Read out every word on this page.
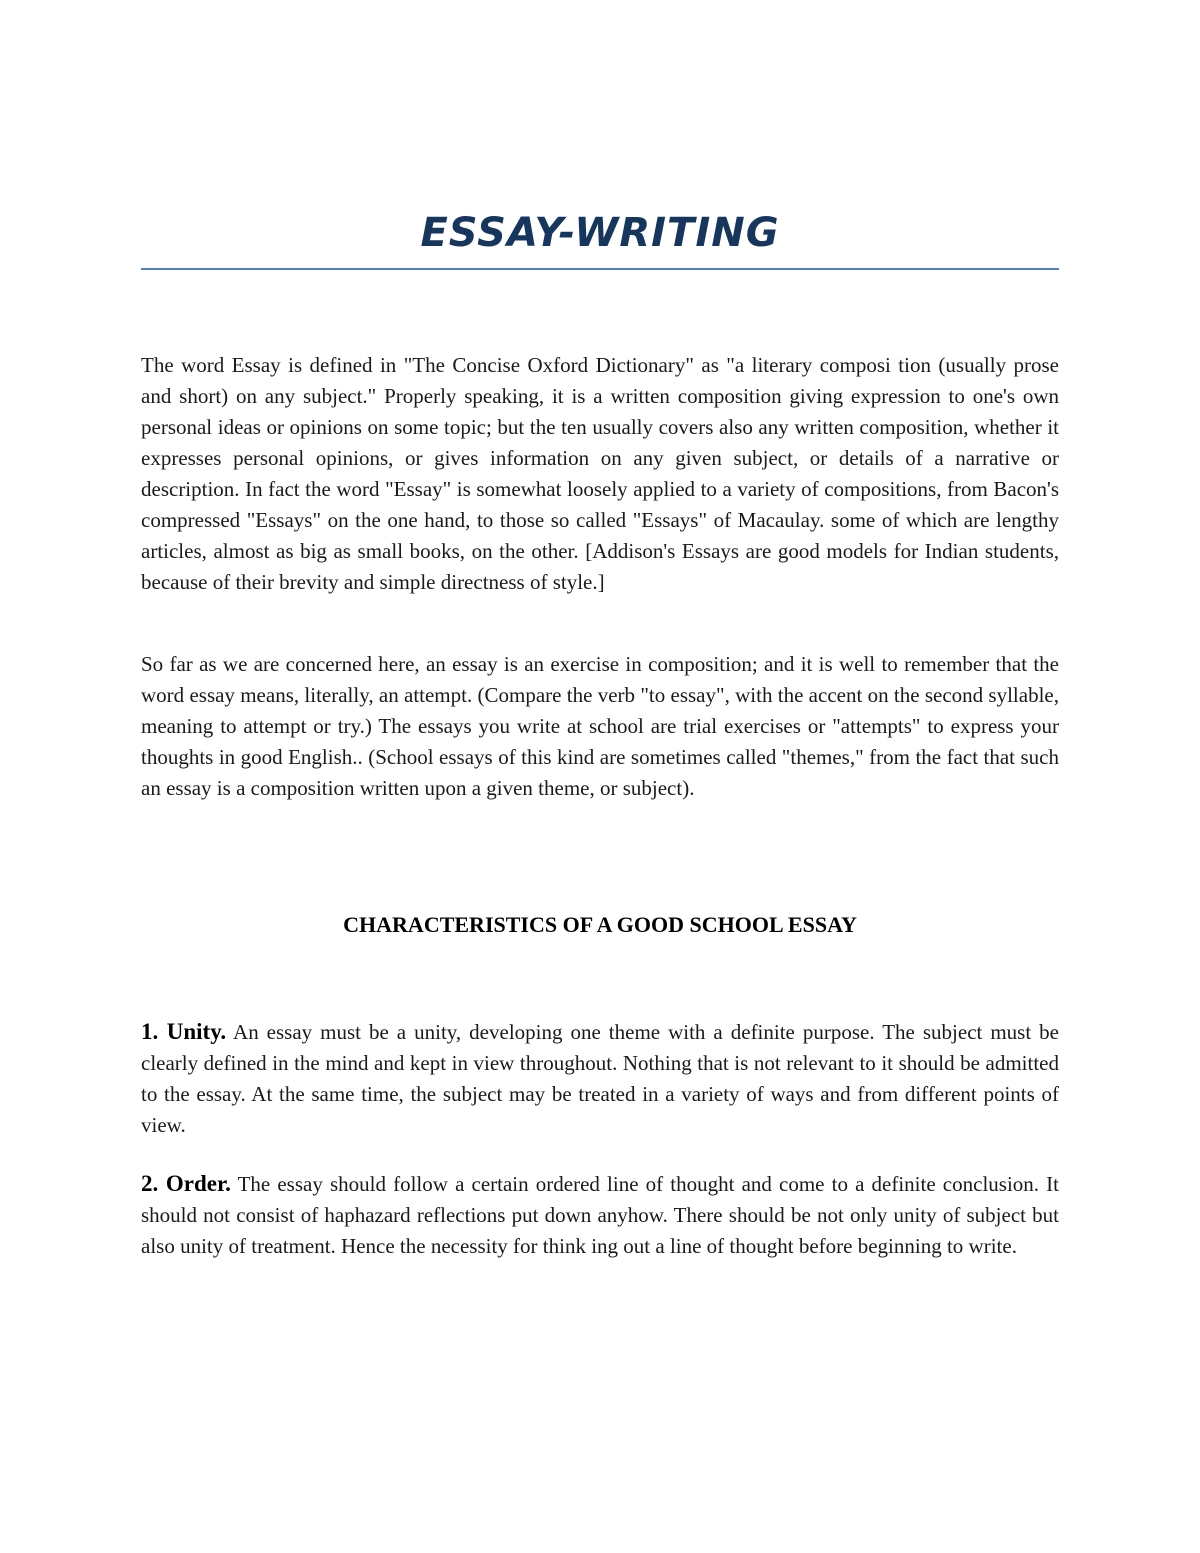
ESSAY-WRITING

The word Essay is defined in "The Concise Oxford Dictionary" as "a literary composi tion (usually prose and short) on any subject." Properly speaking, it is a written composition giving expression to one's own personal ideas or opinions on some topic; but the ten usually covers also any written composition, whether it expresses personal opinions, or gives information on any given subject, or details of a narrative or description. In fact the word "Essay" is somewhat loosely applied to a variety of compositions, from Bacon's compressed "Essays" on the one hand, to those so called "Essays" of Macaulay. some of which are lengthy articles, almost as big as small books, on the other. [Addison's Essays are good models for Indian students, because of their brevity and simple directness of style.]

So far as we are concerned here, an essay is an exercise in composition; and it is well to remember that the word essay means, literally, an attempt. (Compare the verb "to essay", with the accent on the second syllable, meaning to attempt or try.) The essays you write at school are trial exercises or "attempts" to express your thoughts in good English.. (School essays of this kind are sometimes called "themes," from the fact that such an essay is a composition written upon a given theme, or subject).

CHARACTERISTICS OF A GOOD SCHOOL ESSAY

1. Unity. An essay must be a unity, developing one theme with a definite purpose. The subject must be clearly defined in the mind and kept in view throughout. Nothing that is not relevant to it should be admitted to the essay. At the same time, the subject may be treated in a variety of ways and from different points of view.

2. Order. The essay should follow a certain ordered line of thought and come to a definite conclusion. It should not consist of haphazard reflections put down anyhow. There should be not only unity of subject but also unity of treatment. Hence the necessity for think ing out a line of thought before beginning to write.
